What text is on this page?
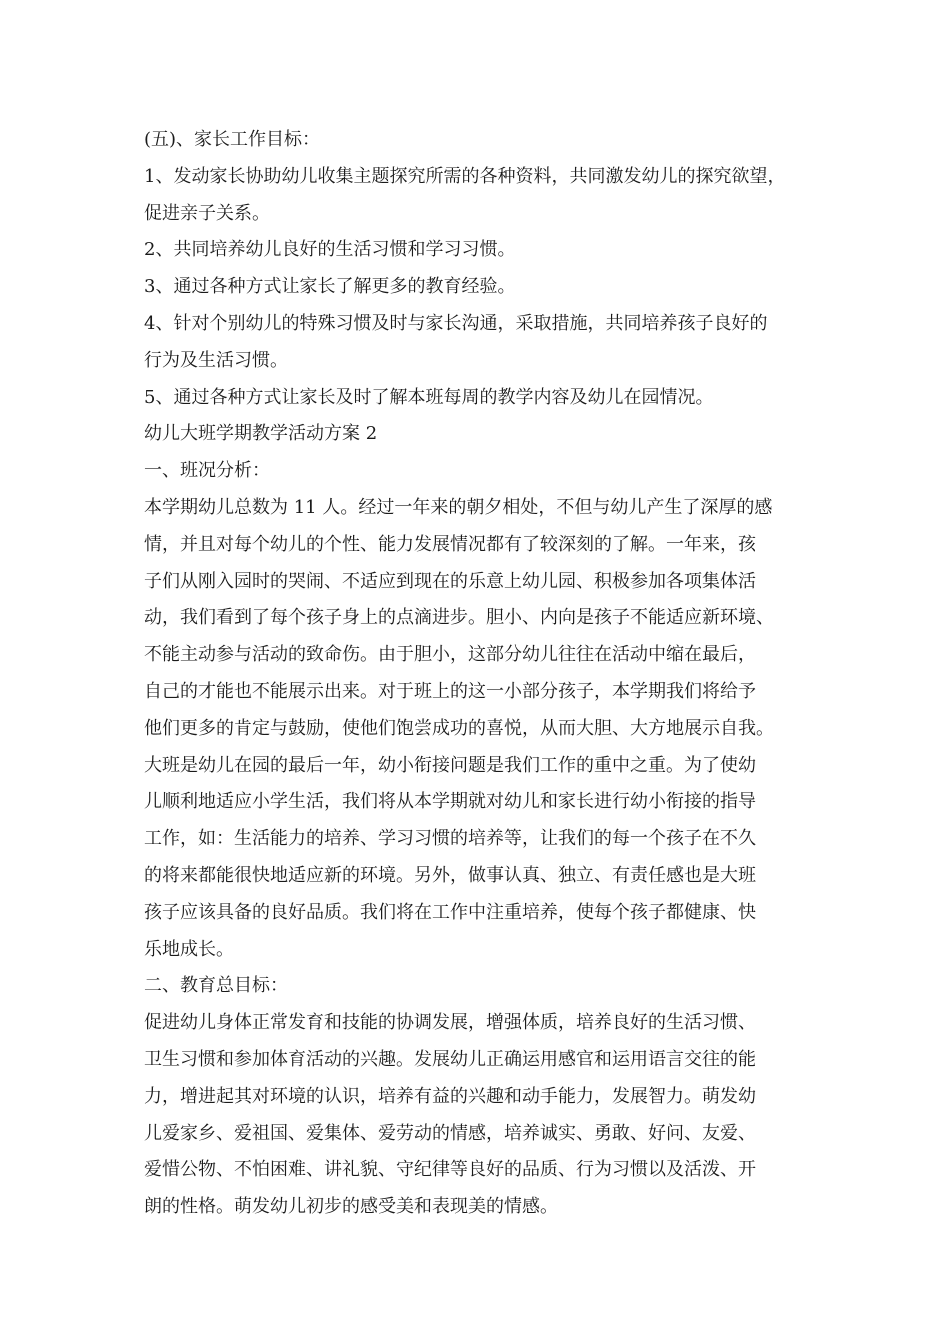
(五)、家长工作目标：
1、发动家长协助幼儿收集主题探究所需的各种资料，共同激发幼儿的探究欲望，
促进亲子关系。
2、共同培养幼儿良好的生活习惯和学习习惯。
3、通过各种方式让家长了解更多的教育经验。
4、针对个别幼儿的特殊习惯及时与家长沟通，采取措施，共同培养孩子良好的
行为及生活习惯。
5、通过各种方式让家长及时了解本班每周的教学内容及幼儿在园情况。
幼儿大班学期教学活动方案 2
一、班况分析：
本学期幼儿总数为 11 人。经过一年来的朝夕相处，不但与幼儿产生了深厚的感
情，并且对每个幼儿的个性、能力发展情况都有了较深刻的了解。一年来，孩
子们从刚入园时的哭闹、不适应到现在的乐意上幼儿园、积极参加各项集体活
动，我们看到了每个孩子身上的点滴进步。胆小、内向是孩子不能适应新环境、
不能主动参与活动的致命伤。由于胆小，这部分幼儿往往在活动中缩在最后，
自己的才能也不能展示出来。对于班上的这一小部分孩子，本学期我们将给予
他们更多的肯定与鼓励，使他们饱尝成功的喜悦，从而大胆、大方地展示自我。
大班是幼儿在园的最后一年，幼小衔接问题是我们工作的重中之重。为了使幼
儿顺利地适应小学生活，我们将从本学期就对幼儿和家长进行幼小衔接的指导
工作，如：生活能力的培养、学习习惯的培养等，让我们的每一个孩子在不久
的将来都能很快地适应新的环境。另外，做事认真、独立、有责任感也是大班
孩子应该具备的良好品质。我们将在工作中注重培养，使每个孩子都健康、快
乐地成长。
二、教育总目标：
促进幼儿身体正常发育和技能的协调发展，增强体质，培养良好的生活习惯、
卫生习惯和参加体育活动的兴趣。发展幼儿正确运用感官和运用语言交往的能
力，增进起其对环境的认识，培养有益的兴趣和动手能力，发展智力。萌发幼
儿爱家乡、爱祖国、爱集体、爱劳动的情感，培养诚实、勇敢、好问、友爱、
爱惜公物、不怕困难、讲礼貌、守纪律等良好的品质、行为习惯以及活泼、开
朗的性格。萌发幼儿初步的感受美和表现美的情感。
